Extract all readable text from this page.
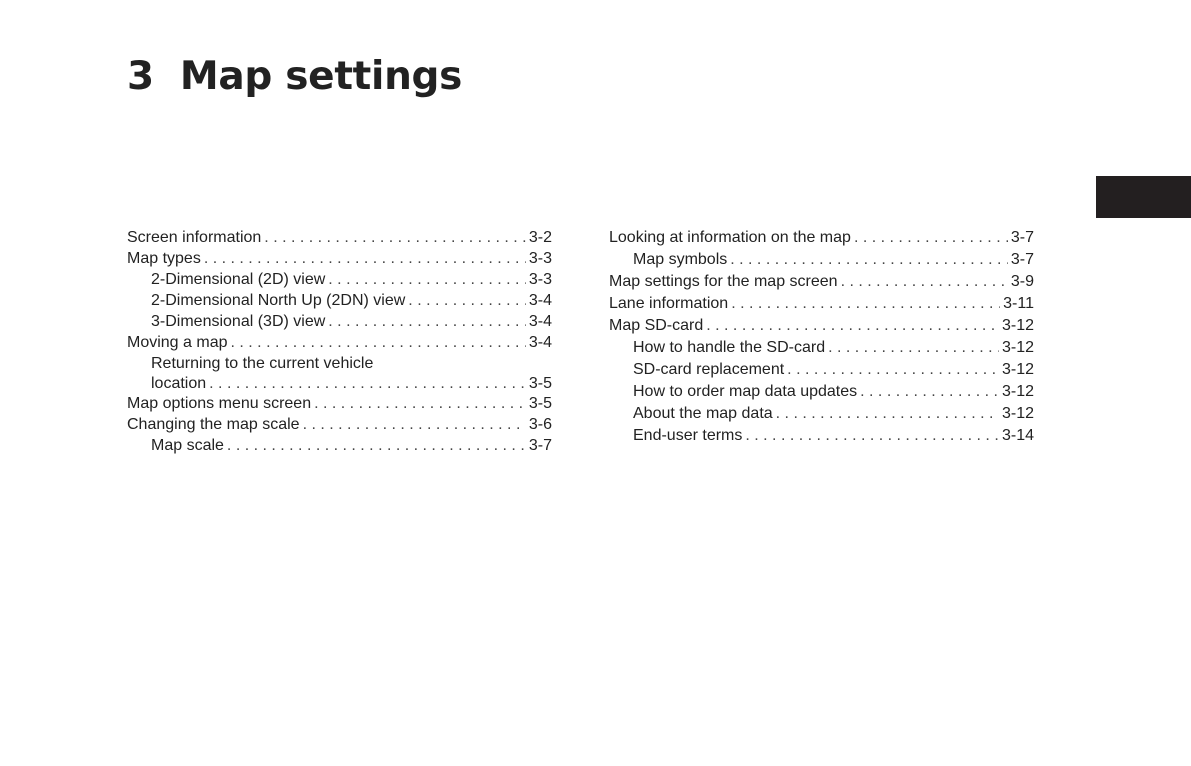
3 Map settings
Screen information . . .	3-2
Map types . . .	3-3
2-Dimensional (2D) view . . .	3-3
2-Dimensional North Up (2DN) view . . .	3-4
3-Dimensional (3D) view . . .	3-4
Moving a map . . .	3-4
Returning to the current vehicle
location . . .	3-5
Map options menu screen . . .	3-5
Changing the map scale . . .	3-6
Map scale . . .	3-7
Looking at information on the map . . .	3-7
Map symbols . . .	3-7
Map settings for the map screen . . .	3-9
Lane information . . .	3-11
Map SD-card . . .	3-12
How to handle the SD-card . . .	3-12
SD-card replacement . . .	3-12
How to order map data updates . . .	3-12
About the map data . . .	3-12
End-user terms . . .	3-14
